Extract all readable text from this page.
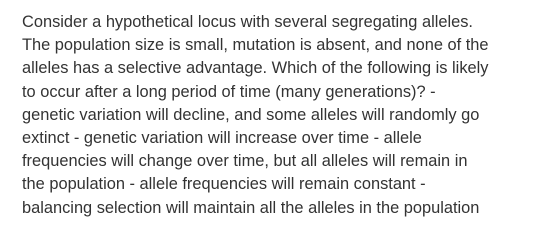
Consider a hypothetical locus with several segregating alleles.
The population size is small, mutation is absent, and none of the
alleles has a selective advantage. Which of the following is likely
to occur after a long period of time (many generations)? -
genetic variation will decline, and some alleles will randomly go
extinct - genetic variation will increase over time - allele
frequencies will change over time, but all alleles will remain in
the population - allele frequencies will remain constant -
balancing selection will maintain all the alleles in the population
